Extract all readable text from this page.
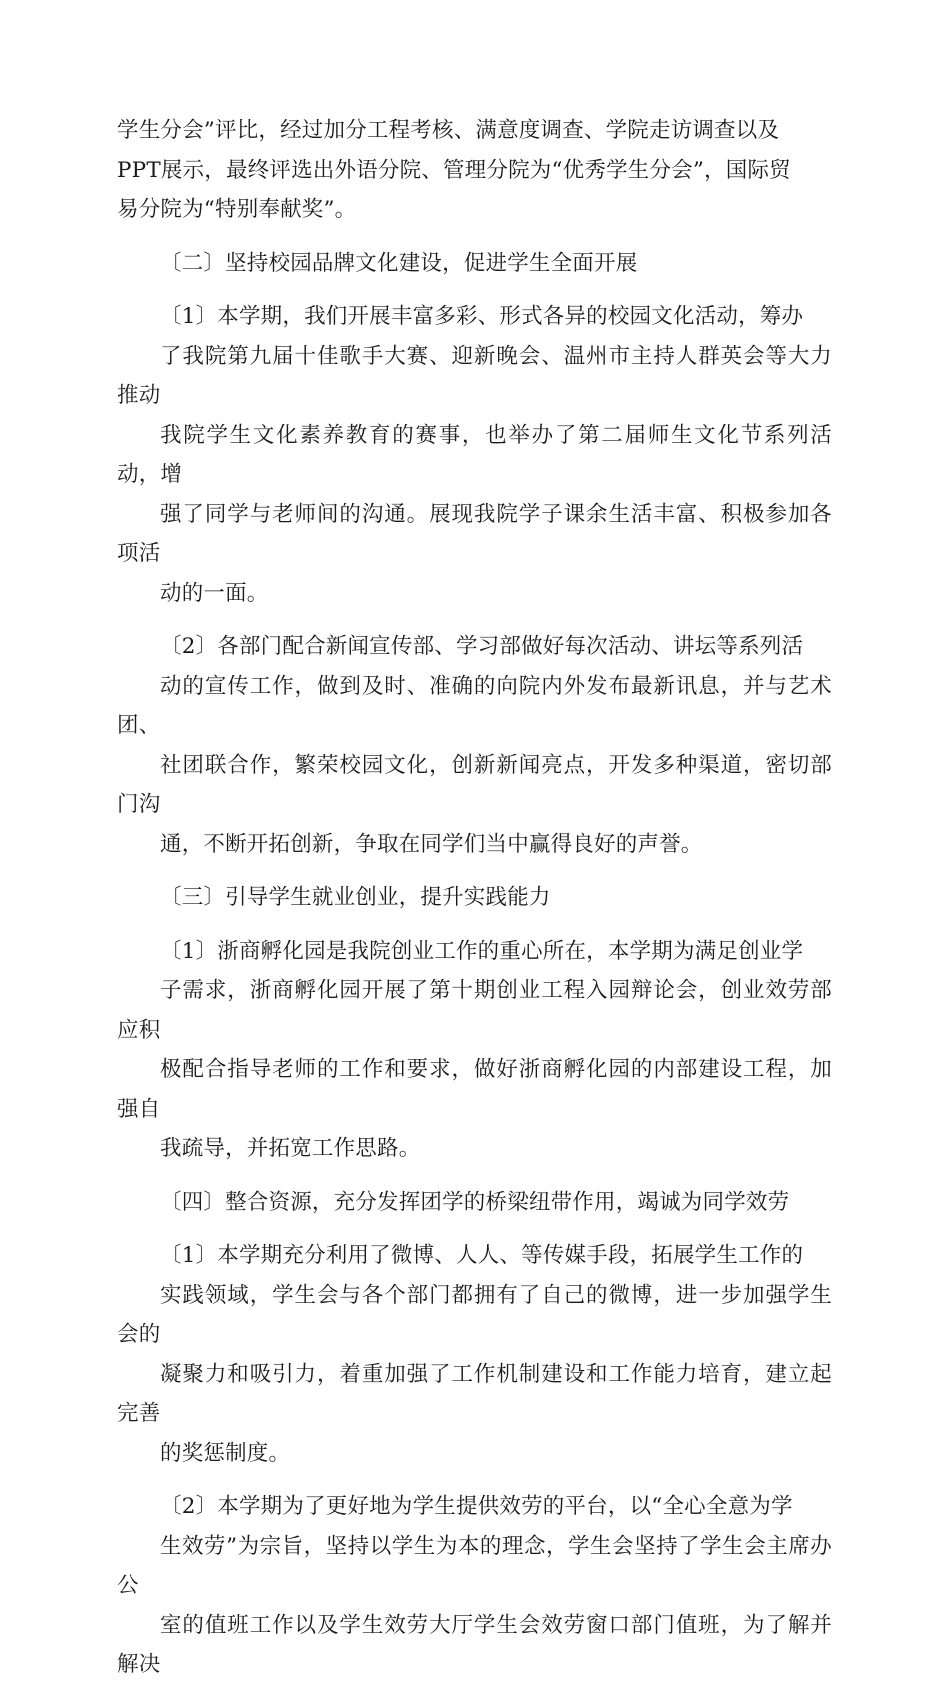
学生分会”评比，经过加分工程考核、满意度调查、学院走访调查以及
PPT展示，最终评选出外语分院、管理分院为“优秀学生分会”，国际贸
易分院为“特别奉献奖”。

〔二〕坚持校园品牌文化建设，促进学生全面开展

〔1〕本学期，我们开展丰富多彩、形式各异的校园文化活动，筹办
了我院第九届十佳歌手大赛、迎新晚会、温州市主持人群英会等大力推动
我院学生文化素养教育的赛事，也举办了第二届师生文化节系列活动，增
强了同学与老师间的沟通。展现我院学子课余生活丰富、积极参加各项活
动的一面。

〔2〕各部门配合新闻宣传部、学习部做好每次活动、讲坛等系列活
动的宣传工作，做到及时、准确的向院内外发布最新讯息，并与艺术团、
社团联合作，繁荣校园文化，创新新闻亮点，开发多种渠道，密切部门沟
通，不断开拓创新，争取在同学们当中赢得良好的声誉。

〔三〕引导学生就业创业，提升实践能力

〔1〕浙商孵化园是我院创业工作的重心所在，本学期为满足创业学
子需求，浙商孵化园开展了第十期创业工程入园辩论会，创业效劳部应积
极配合指导老师的工作和要求，做好浙商孵化园的内部建设工程，加强自
我疏导，并拓宽工作思路。

〔四〕整合资源，充分发挥团学的桥梁纽带作用，竭诚为同学效劳

〔1〕本学期充分利用了微博、人人、等传媒手段，拓展学生工作的
实践领域，学生会与各个部门都拥有了自己的微博，进一步加强学生会的
凝聚力和吸引力，着重加强了工作机制建设和工作能力培育，建立起完善
的奖惩制度。

〔2〕本学期为了更好地为学生提供效劳的平台，以“全心全意为学
生效劳”为宗旨，坚持以学生为本的理念，学生会坚持了学生会主席办公
室的值班工作以及学生效劳大厅学生会效劳窗口部门值班，为了解并解决
